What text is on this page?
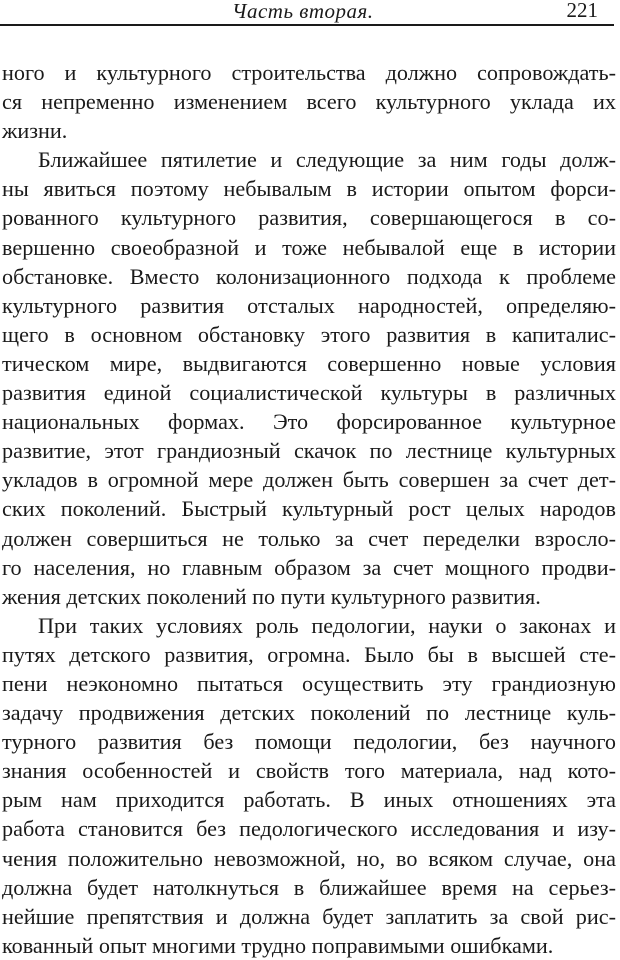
Часть вторая.	221
ного и культурного строительства должно сопровождать-
ся непременно изменением всего культурного уклада их
жизни.
Ближайшее пятилетие и следующие за ним годы долж-
ны явиться поэтому небывалым в истории опытом форси-
рованного культурного развития, совершающегося в со-
вершенно своеобразной и тоже небывалой еще в истории
обстановке. Вместо колонизационного подхода к проблеме
культурного развития отсталых народностей, определяю-
щего в основном обстановку этого развития в капиталис-
тическом мире, выдвигаются совершенно новые условия
развития единой социалистической культуры в различных
национальных формах. Это форсированное культурное
развитие, этот грандиозный скачок по лестнице культурных
укладов в огромной мере должен быть совершен за счет дет-
ских поколений. Быстрый культурный рост целых народов
должен совершиться не только за счет переделки взросло-
го населения, но главным образом за счет мощного продви-
жения детских поколений по пути культурного развития.
При таких условиях роль педологии, науки о законах и
путях детского развития, огромна. Было бы в высшей сте-
пени неэкономно пытаться осуществить эту грандиозную
задачу продвижения детских поколений по лестнице куль-
турного развития без помощи педологии, без научного
знания особенностей и свойств того материала, над кото-
рым нам приходится работать. В иных отношениях эта
работа становится без педологического исследования и изу-
чения положительно невозможной, но, во всяком случае, она
должна будет натолкнуться в ближайшее время на серьез-
нейшие препятствия и должна будет заплатить за свой рис-
кованный опыт многими трудно поправимыми ошибками.
